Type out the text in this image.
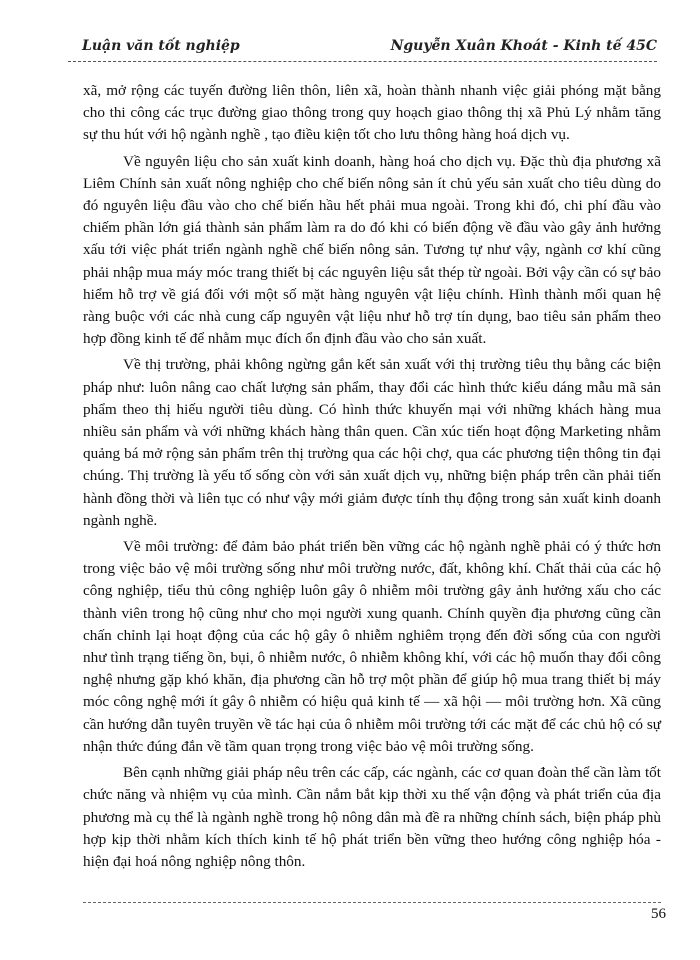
Luận văn tốt nghiệp	Nguyễn Xuân Khoát - Kinh tế 45C

xã, mở rộng các tuyến đường liên thôn, liên xã, hoàn thành nhanh việc giải phóng mặt bằng cho thi công các trục đường giao thông trong quy hoạch giao thông thị xã Phủ Lý nhằm tăng sự thu hút với hộ ngành nghề , tạo điều kiện tốt cho lưu thông hàng hoá dịch vụ.

Về nguyên liệu cho sản xuất kinh doanh, hàng hoá cho dịch vụ. Đặc thù địa phương xã Liêm Chính sản xuất nông nghiệp cho chế biến nông sản ít chủ yếu sản xuất cho tiêu dùng do đó nguyên liệu đầu vào cho chế biến hầu hết phải mua ngoài. Trong khi đó, chi phí đầu vào chiếm phần lớn giá thành sản phẩm làm ra do đó khi có biến động về đầu vào gây ảnh hưởng xấu tới việc phát triển ngành nghề chế biến nông sản. Tương tự như vậy, ngành cơ khí cũng phải nhập mua máy móc trang thiết bị các nguyên liệu sắt thép từ ngoài. Bởi vậy cần có sự bảo hiểm hỗ trợ về giá đối với một số mặt hàng nguyên vật liệu chính. Hình thành mối quan hệ ràng buộc với các nhà cung cấp nguyên vật liệu như hỗ trợ tín dụng, bao tiêu sản phẩm theo hợp đồng kinh tế để nhằm mục đích ổn định đầu vào cho sản xuất.

Về thị trường, phải không ngừng gắn kết sản xuất với thị trường tiêu thụ bằng các biện pháp như: luôn nâng cao chất lượng sản phẩm, thay đổi các hình thức kiểu dáng mẫu mã sản phẩm theo thị hiếu người tiêu dùng. Có hình thức khuyến mại với những khách hàng mua nhiều sản phẩm và với những khách hàng thân quen. Cần xúc tiến hoạt động Marketing nhằm quảng bá mở rộng sản phẩm trên thị trường qua các hội chợ, qua các phương tiện thông tin đại chúng. Thị trường là yếu tố sống còn với sản xuất dịch vụ, những biện pháp trên cần phải tiến hành đồng thời và liên tục có như vậy mới giảm được tính thụ động trong sản xuất kinh doanh ngành nghề.

Về môi trường: để đảm bảo phát triển bền vững các hộ ngành nghề phải có ý thức hơn trong việc bảo vệ môi trường sống như môi trường nước, đất, không khí. Chất thải của các hộ công nghiệp, tiểu thủ công nghiệp luôn gây ô nhiễm môi trường gây ảnh hưởng xấu cho các thành viên trong hộ cũng như cho mọi người xung quanh. Chính quyền địa phương cũng cần chấn chỉnh lại hoạt động của các hộ gây ô nhiễm nghiêm trọng đến đời sống của con người như tình trạng tiếng ồn, bụi, ô nhiễm nước, ô nhiễm không khí, với các hộ muốn thay đổi công nghệ nhưng gặp khó khăn, địa phương cần hỗ trợ một phần để giúp hộ mua trang thiết bị máy móc công nghệ mới ít gây ô nhiễm có hiệu quả kinh tế — xã hội — môi trường hơn. Xã cũng cần hướng dẫn tuyên truyền về tác hại của ô nhiễm môi trường tới các mặt để các chủ hộ có sự nhận thức đúng đắn về tầm quan trọng trong việc bảo vệ môi trường sống.

Bên cạnh những giải pháp nêu trên các cấp, các ngành, các cơ quan đoàn thể cần làm tốt chức năng và nhiệm vụ của mình. Cần nắm bắt kịp thời xu thế vận động và phát triển của địa phương mà cụ thể là ngành nghề trong hộ nông dân mà đề ra những chính sách, biện pháp phù hợp kịp thời nhằm kích thích kinh tế hộ phát triển bền vững theo hướng công nghiệp hóa - hiện đại hoá nông nghiệp nông thôn.

56
